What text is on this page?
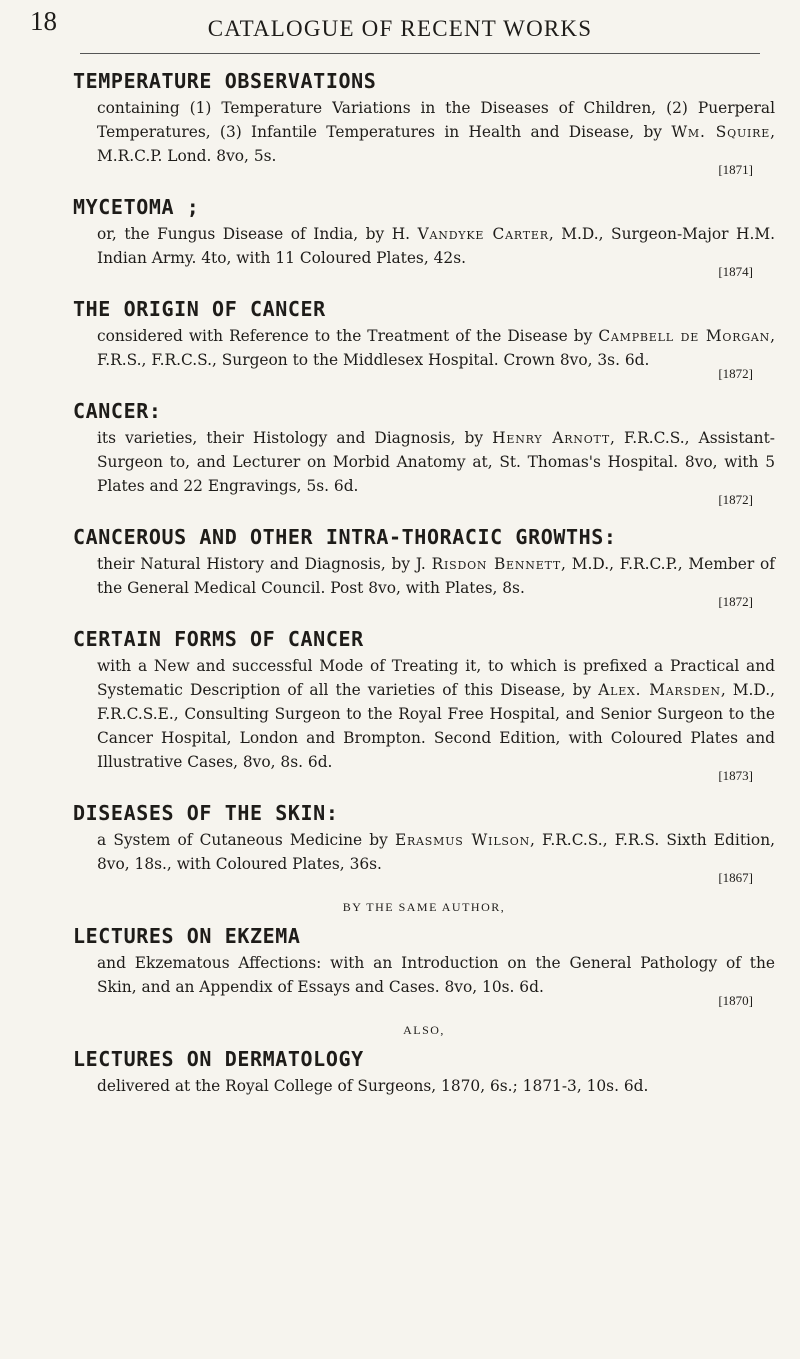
18	CATALOGUE OF RECENT WORKS
TEMPERATURE OBSERVATIONS
containing (1) Temperature Variations in the Diseases of Children, (2) Puerperal Temperatures, (3) Infantile Temperatures in Health and Disease, by Wm. Squire, M.R.C.P. Lond. 8vo, 5s.
[1871]
MYCETOMA ;
or, the Fungus Disease of India, by H. Vandyke Carter, M.D., Surgeon-Major H.M. Indian Army. 4to, with 11 Coloured Plates, 42s.
[1874]
THE ORIGIN OF CANCER
considered with Reference to the Treatment of the Disease by Campbell de Morgan, F.R.S., F.R.C.S., Surgeon to the Middlesex Hospital. Crown 8vo, 3s. 6d.
[1872]
CANCER:
its varieties, their Histology and Diagnosis, by Henry Arnott, F.R.C.S., Assistant-Surgeon to, and Lecturer on Morbid Anatomy at, St. Thomas's Hospital. 8vo, with 5 Plates and 22 Engravings, 5s. 6d.
[1872]
CANCEROUS AND OTHER INTRA-THORACIC GROWTHS:
their Natural History and Diagnosis, by J. Risdon Bennett, M.D., F.R.C.P., Member of the General Medical Council. Post 8vo, with Plates, 8s.
[1872]
CERTAIN FORMS OF CANCER
with a New and successful Mode of Treating it, to which is prefixed a Practical and Systematic Description of all the varieties of this Disease, by Alex. Marsden, M.D., F.R.C.S.E., Consulting Surgeon to the Royal Free Hospital, and Senior Surgeon to the Cancer Hospital, London and Brompton. Second Edition, with Coloured Plates and Illustrative Cases, 8vo, 8s. 6d.
[1873]
DISEASES OF THE SKIN:
a System of Cutaneous Medicine by Erasmus Wilson, F.R.C.S., F.R.S. Sixth Edition, 8vo, 18s., with Coloured Plates, 36s.
[1867]
BY THE SAME AUTHOR,
LECTURES ON EKZEMA
and Ekzematous Affections: with an Introduction on the General Pathology of the Skin, and an Appendix of Essays and Cases. 8vo, 10s. 6d.
[1870]
ALSO,
LECTURES ON DERMATOLOGY
delivered at the Royal College of Surgeons, 1870, 6s.; 1871-3, 10s. 6d.
